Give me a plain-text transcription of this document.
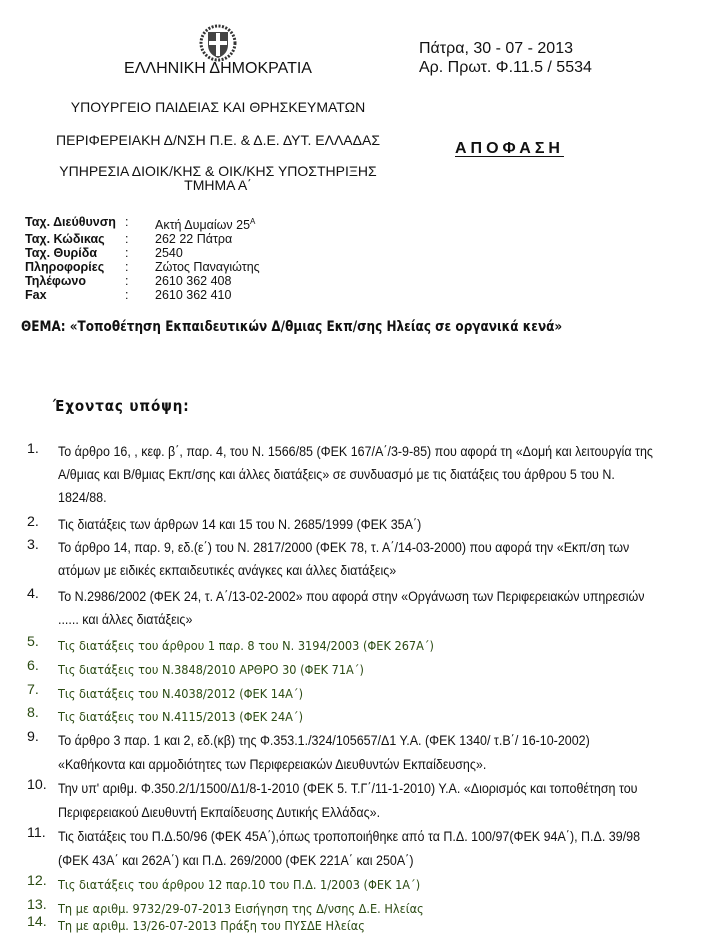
ΕΛΛΗΝΙΚΗ ΔΗΜΟΚΡΑΤΙΑ
ΥΠΟΥΡΓΕΙΟ ΠΑΙΔΕΙΑΣ ΚΑΙ ΘΡΗΣΚΕΥΜΑΤΩΝ
ΠΕΡΙΦΕΡΕΙΑΚΗ Δ/ΝΣΗ Π.Ε. & Δ.Ε. ΔΥΤ. ΕΛΛΑΔΑΣ
ΥΠΗΡΕΣΙΑ ΔΙΟΙΚ/ΚΗΣ & ΟΙΚ/ΚΗΣ ΥΠΟΣΤΗΡΙΞΗΣ
ΤΜΗΜΑ Α΄
Πάτρα, 30 - 07 - 2013
Αρ. Πρωτ. Φ.11.5 / 5534
ΑΠΟΦΑΣΗ
Ταχ. Διεύθυνση :	Ακτή Δυμαίων $25^A$
Ταχ. Κώδικας	:	262 22 Πάτρα
Ταχ. Θυρίδα	:	2540
Πληροφορίες	:	Ζώτος Παναγιώτης
Τηλέφωνο	:	2610 362 408
Fax	:	2610 362 410
ΘΕΜΑ: «Τοποθέτηση Εκπαιδευτικών Δ/θμιας Εκπ/σης Ηλείας σε οργανικά κενά»
Έχοντας υπόψη:
1. Το άρθρο 16, , κεφ. β΄, παρ. 4, του Ν. 1566/85 (ΦΕΚ 167/Α΄/3-9-85) που αφορά τη «Δομή και λειτουργία της
Α/θμιας και Β/θμιας Εκπ/σης και άλλες διατάξεις» σε συνδυασμό με τις διατάξεις του άρθρου 5 του Ν.
1824/88.
2. Τις διατάξεις των άρθρων 14 και 15 του Ν. 2685/1999 (ΦΕΚ 35Α΄)
3. Το άρθρο 14, παρ. 9, εδ.(ε΄) του Ν. 2817/2000 (ΦΕΚ 78, τ. Α΄/14-03-2000) που αφορά την «Εκπ/ση των
ατόμων με ειδικές εκπαιδευτικές ανάγκες και άλλες διατάξεις»
4. Το Ν.2986/2002 (ΦΕΚ 24, τ. Α΄/13-02-2002» που αφορά στην «Οργάνωση των Περιφερειακών υπηρεσιών
...... και άλλες διατάξεις»
5. Τις διατάξεις του άρθρου 1 παρ. 8 του Ν. 3194/2003 (ΦΕΚ 267Α΄)
6. Τις διατάξεις του Ν.3848/2010 ΑΡΘΡΟ 30 (ΦΕΚ 71Α΄)
7. Τις διατάξεις του Ν.4038/2012 (ΦΕΚ 14Α΄)
8. Τις διατάξεις του Ν.4115/2013 (ΦΕΚ 24Α΄)
9. Το άρθρο 3 παρ. 1 και 2, εδ.(κβ) της Φ.353.1./324/105657/Δ1 Υ.Α. (ΦΕΚ 1340/ τ.Β΄/ 16-10-2002)
«Καθήκοντα και αρμοδιότητες των Περιφερειακών Διευθυντών Εκπαίδευσης».
10. Την υπ' αριθμ. Φ.350.2/1/1500/Δ1/8-1-2010 (ΦΕΚ 5. Τ.Γ΄/11-1-2010) Υ.Α. «Διορισμός και τοποθέτηση του
Περιφερειακού Διευθυντή Εκπαίδευσης Δυτικής Ελλάδας».
11. Τις διατάξεις του Π.Δ.50/96 (ΦΕΚ 45Α΄),όπως τροποποιήθηκε από τα Π.Δ. 100/97(ΦΕΚ 94Α΄), Π.Δ. 39/98
(ΦΕΚ 43Α΄ και 262Α΄) και Π.Δ. 269/2000 (ΦΕΚ 221Α΄ και 250Α΄)
12. Τις διατάξεις του άρθρου 12 παρ.10 του Π.Δ. 1/2003 (ΦΕΚ 1Α΄)
13. Τη με αριθμ. 9732/29-07-2013 Εισήγηση της Δ/νσης Δ.Ε. Ηλείας
14. Τη με αριθμ. 13/26-07-2013 Πράξη του ΠΥΣΔΕ Ηλείας
